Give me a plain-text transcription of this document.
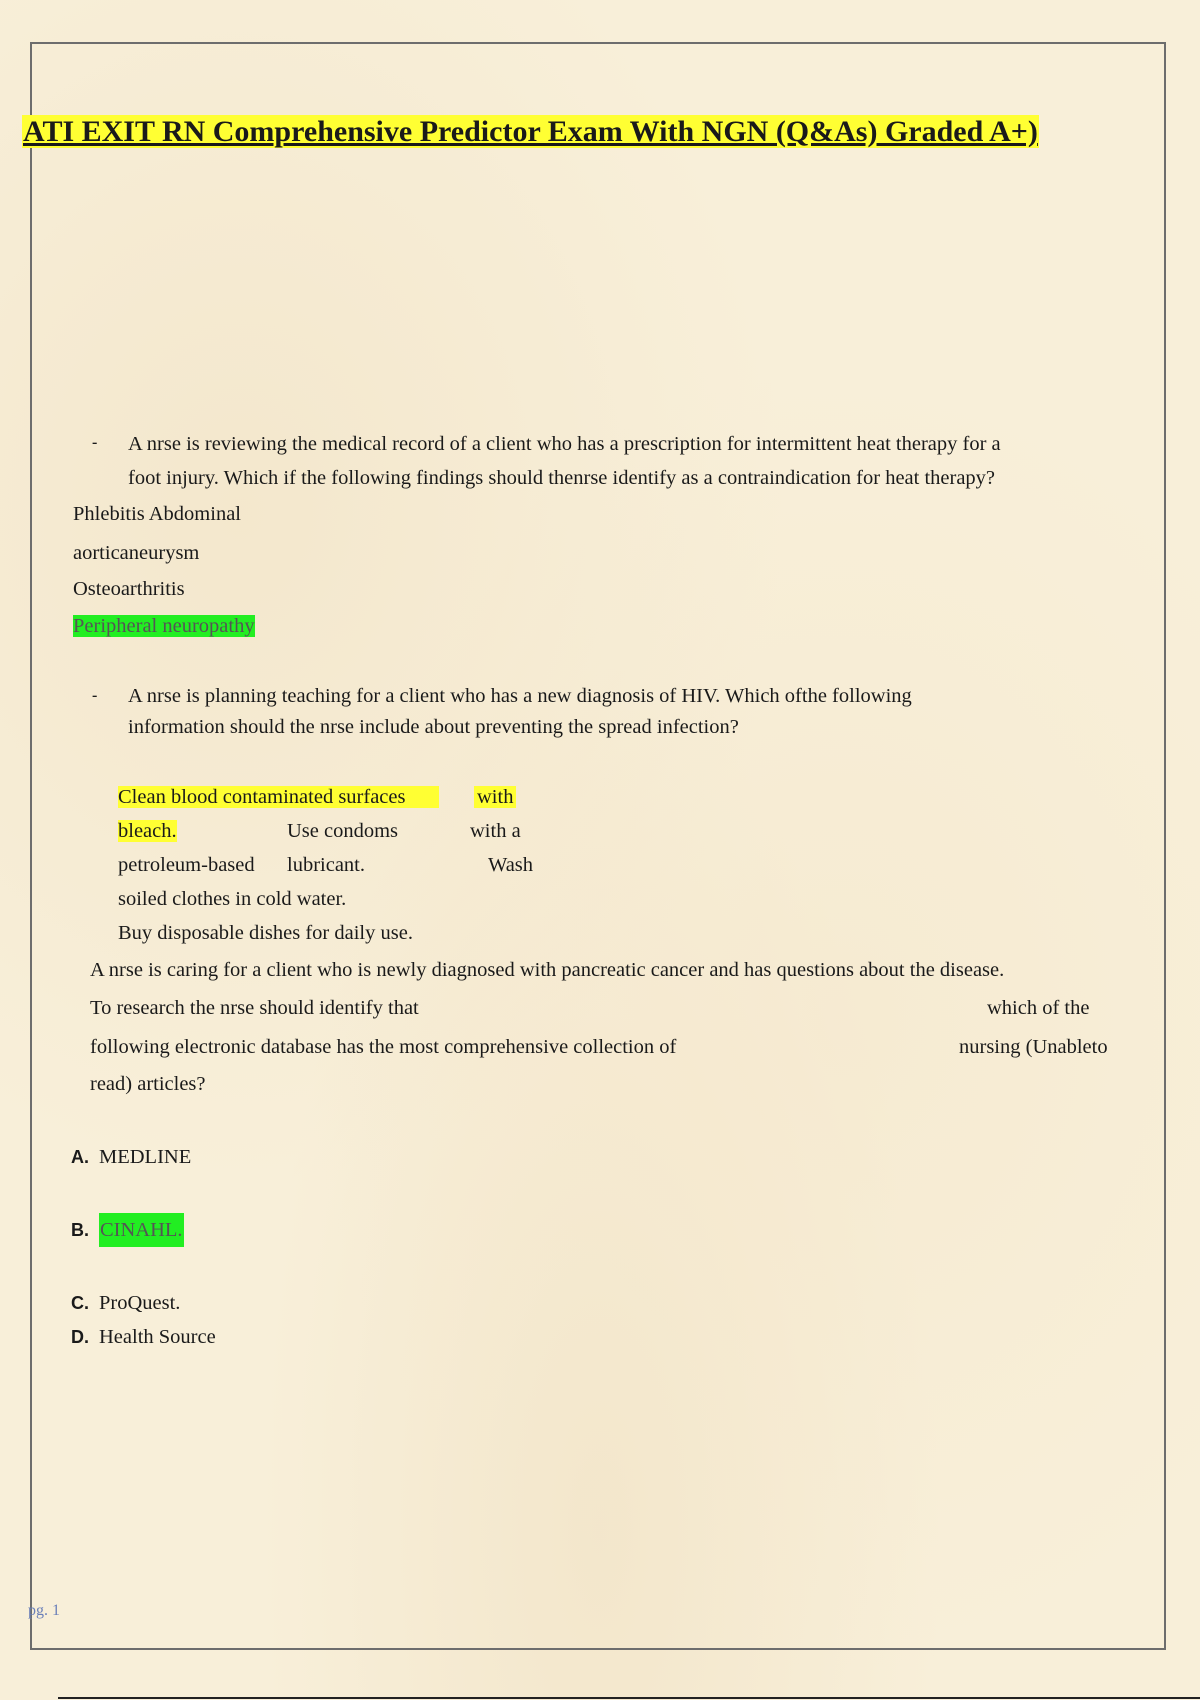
ATI EXIT RN Comprehensive Predictor Exam With NGN (Q&As) Graded A+)
- A nrse is reviewing the medical record of a client who has a prescription for intermittent heat therapy for a
foot injury. Which if the following findings should thenrse identify as a contraindication for heat therapy?
Phlebitis Abdominal
aorticaneurysm
Osteoarthritis
Peripheral neuropathy
- A nrse is planning teaching for a client who has a new diagnosis of HIV. Which ofthe following
information should the nrse include about preventing the spread infection?
Clean blood contaminated surfaces	with
bleach.	Use condoms	with a
petroleum-based lubricant.	Wash
soiled clothes in cold water.
Buy disposable dishes for daily use.
A nrse is caring for a client who is newly diagnosed with pancreatic cancer and has questions about the disease.
To research the nrse should identify that	which of the
following electronic database has the most comprehensive collection of	nursing (Unableto
read) articles?
A. MEDLINE
B. CINAHL.
C. ProQuest.
D. Health Source
pg. 1
